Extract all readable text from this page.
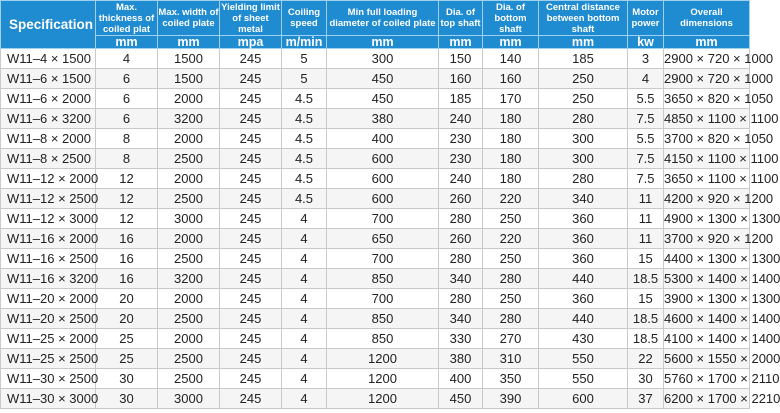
Specification	Max. thickness of coiled plat	Max. width of coiled plate	Yielding limit of sheet metal	Coiling speed	Min full loading diameter of coiled plate	Dia. of top shaft	Dia. of bottom shaft	Central distance between bottom shaft	Motor power	Overall dimensions
	mm	mm	mpa	m/min	mm	mm	mm	mm	kw	mm
W11–4 × 1500	4	1500	245	5	300	150	140	185	3	2900 × 720 × 1000
W11–6 × 1500	6	1500	245	5	450	160	160	250	4	2900 × 720 × 1000
W11–6 × 2000	6	2000	245	4.5	450	185	170	250	5.5	3650 × 820 × 1050
W11–6 × 3200	6	3200	245	4.5	380	240	180	280	7.5	4850 × 1100 × 1100
W11–8 × 2000	8	2000	245	4.5	400	230	180	300	5.5	3700 × 820 × 1050
W11–8 × 2500	8	2500	245	4.5	600	230	180	300	7.5	4150 × 1100 × 1100
W11–12 × 2000	12	2000	245	4.5	600	240	180	280	7.5	3650 × 1100 × 1100
W11–12 × 2500	12	2500	245	4.5	600	260	220	340	11	4200 × 920 × 1200
W11–12 × 3000	12	3000	245	4	700	280	250	360	11	4900 × 1300 × 1300
W11–16 × 2000	16	2000	245	4	650	260	220	360	11	3700 × 920 × 1200
W11–16 × 2500	16	2500	245	4	700	280	250	360	15	4400 × 1300 × 1300
W11–16 × 3200	16	3200	245	4	850	340	280	440	18.5	5300 × 1400 × 1400
W11–20 × 2000	20	2000	245	4	700	280	250	360	15	3900 × 1300 × 1300
W11–20 × 2500	20	2500	245	4	850	340	280	440	18.5	4600 × 1400 × 1400
W11–25 × 2000	25	2000	245	4	850	330	270	430	18.5	4100 × 1400 × 1400
W11–25 × 2500	25	2500	245	4	1200	380	310	550	22	5600 × 1550 × 2000
W11–30 × 2500	30	2500	245	4	1200	400	350	550	30	5760 × 1700 × 2110
W11–30 × 3000	30	3000	245	4	1200	450	390	600	37	6200 × 1700 × 2210
